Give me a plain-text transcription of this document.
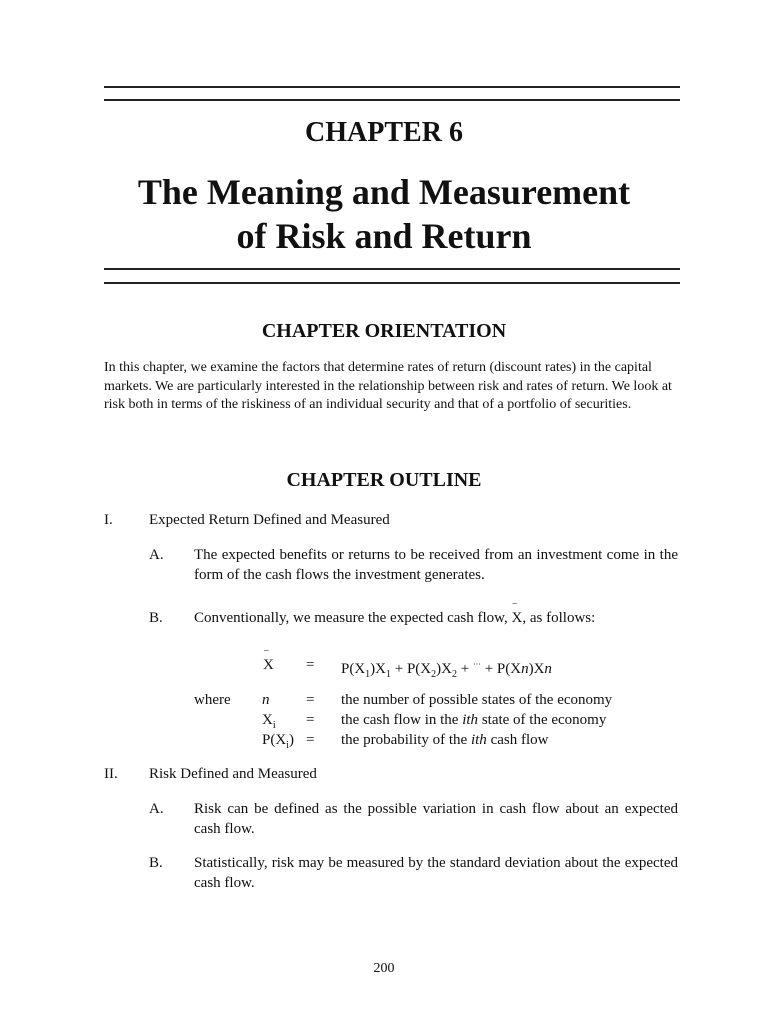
CHAPTER 6
The Meaning and Measurement
of Risk and Return
CHAPTER ORIENTATION
In this chapter, we examine the factors that determine rates of return (discount rates) in the capital markets. We are particularly interested in the relationship between risk and rates of return. We look at risk both in terms of the riskiness of an individual security and that of a portfolio of securities.
CHAPTER OUTLINE
I. Expected Return Defined and Measured
A. The expected benefits or returns to be received from an investment come in the form of the cash flows the investment generates.
B. Conventionally, we measure the expected cash flow, – X, as follows:
– $X = P(X_1)X_1 + P(X_2)X_2 + ^{\cdot\cdot\cdot} + P(Xn)Xn$
where n = the number of possible states of the economy
$X_i$ = the cash flow in the ith state of the economy
$P(X_i)$ = the probability of the ith cash flow
II. Risk Defined and Measured
A. Risk can be defined as the possible variation in cash flow about an expected cash flow.
B. Statistically, risk may be measured by the standard deviation about the expected cash flow.
200
